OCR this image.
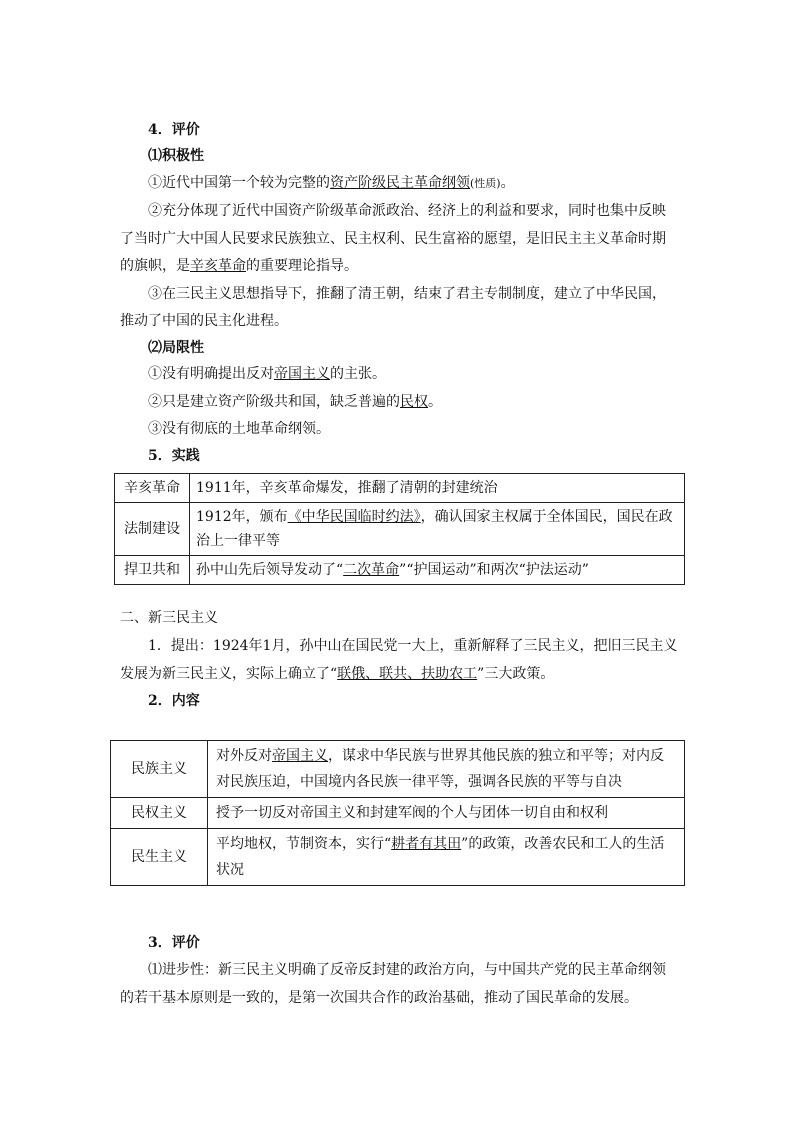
4．评价
⑴积极性
①近代中国第一个较为完整的资产阶级民主革命纲领(性质)。
②充分体现了近代中国资产阶级革命派政治、经济上的利益和要求，同时也集中反映
了当时广大中国人民要求民族独立、民主权利、民生富裕的愿望，是旧民主主义革命时期
的旗帜，是辛亥革命的重要理论指导。
③在三民主义思想指导下，推翻了清王朝，结束了君主专制制度，建立了中华民国，
推动了中国的民主化进程。
⑵局限性
①没有明确提出反对帝国主义的主张。
②只是建立资产阶级共和国，缺乏普遍的民权。
③没有彻底的土地革命纲领。
5．实践
辛亥革命	1911年，辛亥革命爆发，推翻了清朝的封建统治
法制建设	1912年，颁布《中华民国临时约法》，确认国家主权属于全体国民，国民在政治上一律平等
捍卫共和	孙中山先后领导发动了“二次革命”“护国运动”和两次“护法运动”
二、新三民主义
1．提出：1924年1月，孙中山在国民党一大上，重新解释了三民主义，把旧三民主义
发展为新三民主义，实际上确立了“联俄、联共、扶助农工”三大政策。
2．内容
民族主义	对外反对帝国主义，谋求中华民族与世界其他民族的独立和平等；对内反对民族压迫，中国境内各民族一律平等，强调各民族的平等与自决
民权主义	授予一切反对帝国主义和封建军阀的个人与团体一切自由和权利
民生主义	平均地权，节制资本，实行“耕者有其田”的政策，改善农民和工人的生活状况
3．评价
⑴进步性：新三民主义明确了反帝反封建的政治方向，与中国共产党的民主革命纲领
的若干基本原则是一致的，是第一次国共合作的政治基础，推动了国民革命的发展。
